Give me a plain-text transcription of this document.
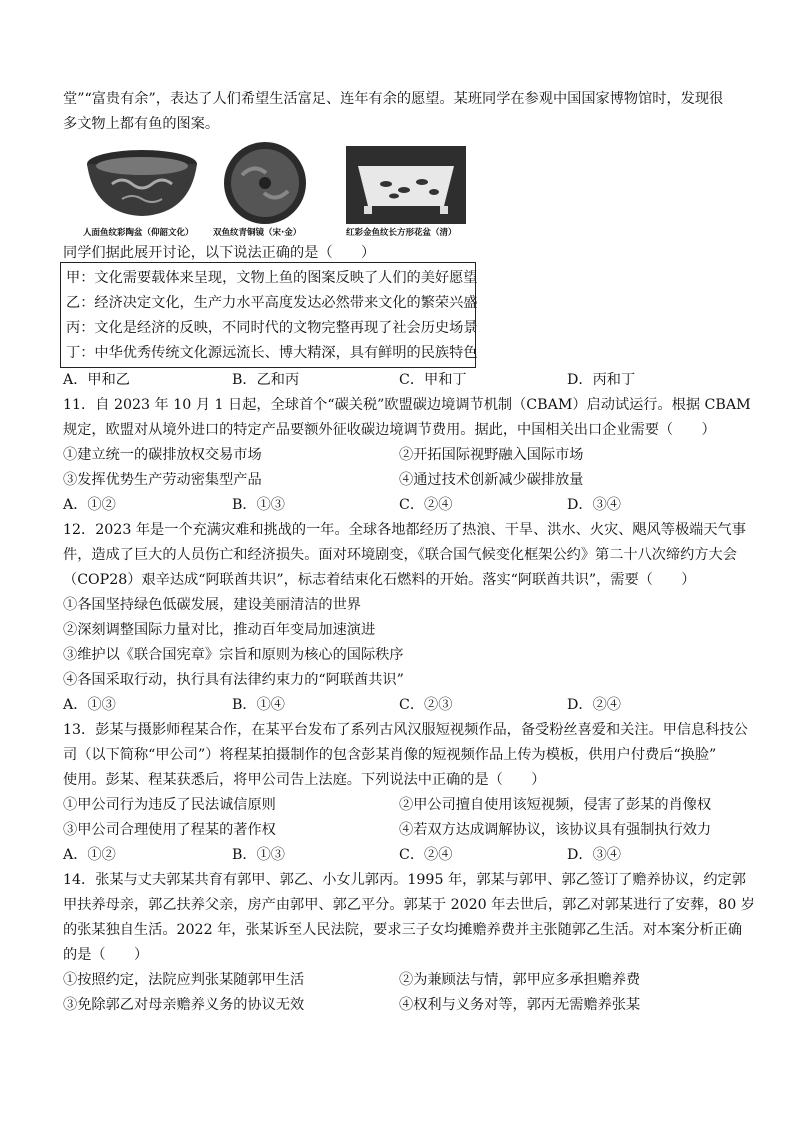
堂”“富贵有余”，表达了人们希望生活富足、连年有余的愿望。某班同学在参观中国国家博物馆时，发现很
多文物上都有鱼的图案。
人面鱼纹彩陶盆（仰韶文化） 双鱼纹青铜镜（宋·金）	红彩金鱼纹长方形花盆（清）
同学们据此展开讨论，以下说法正确的是（　　）
甲：文化需要载体来呈现，文物上鱼的图案反映了人们的美好愿望
乙：经济决定文化，生产力水平高度发达必然带来文化的繁荣兴盛
丙：文化是经济的反映，不同时代的文物完整再现了社会历史场景
丁：中华优秀传统文化源远流长、博大精深，具有鲜明的民族特色
A．甲和乙	B．乙和丙	C．甲和丁	D．丙和丁
11．自 2023 年 10 月 1 日起，全球首个“碳关税”欧盟碳边境调节机制（CBAM）启动试运行。根据 CBAM
规定，欧盟对从境外进口的特定产品要额外征收碳边境调节费用。据此，中国相关出口企业需要（　　）
①建立统一的碳排放权交易市场	②开拓国际视野融入国际市场
③发挥优势生产劳动密集型产品	④通过技术创新减少碳排放量
A．①②	B．①③	C．②④	D．③④
12．2023 年是一个充满灾难和挑战的一年。全球各地都经历了热浪、干旱、洪水、火灾、飓风等极端天气事
件，造成了巨大的人员伤亡和经济损失。面对环境剧变，《联合国气候变化框架公约》第二十八次缔约方大会
（COP28）艰辛达成“阿联酋共识”，标志着结束化石燃料的开始。落实“阿联酋共识”，需要（　　）
①各国坚持绿色低碳发展，建设美丽清洁的世界
②深刻调整国际力量对比，推动百年变局加速演进
③维护以《联合国宪章》宗旨和原则为核心的国际秩序
④各国采取行动，执行具有法律约束力的“阿联酋共识”
A．①③	B．①④	C．②③	D．②④
13．彭某与摄影师程某合作，在某平台发布了系列古风汉服短视频作品，备受粉丝喜爱和关注。甲信息科技公
司（以下简称“甲公司”）将程某拍摄制作的包含彭某肖像的短视频作品上传为模板，供用户付费后“换脸”
使用。彭某、程某获悉后，将甲公司告上法庭。下列说法中正确的是（　　）
①甲公司行为违反了民法诚信原则	②甲公司擅自使用该短视频，侵害了彭某的肖像权
③甲公司合理使用了程某的著作权	④若双方达成调解协议，该协议具有强制执行效力
A．①②	B．①③	C．②④	D．③④
14．张某与丈夫郭某共育有郭甲、郭乙、小女儿郭丙。1995 年，郭某与郭甲、郭乙签订了赡养协议，约定郭
甲扶养母亲，郭乙扶养父亲，房产由郭甲、郭乙平分。郭某于 2020 年去世后，郭乙对郭某进行了安葬，80 岁
的张某独自生活。2022 年，张某诉至人民法院，要求三子女均摊赡养费并主张随郭乙生活。对本案分析正确
的是（　　）
①按照约定，法院应判张某随郭甲生活	②为兼顾法与情，郭甲应多承担赡养费
③免除郭乙对母亲赡养义务的协议无效	④权利与义务对等，郭丙无需赡养张某
